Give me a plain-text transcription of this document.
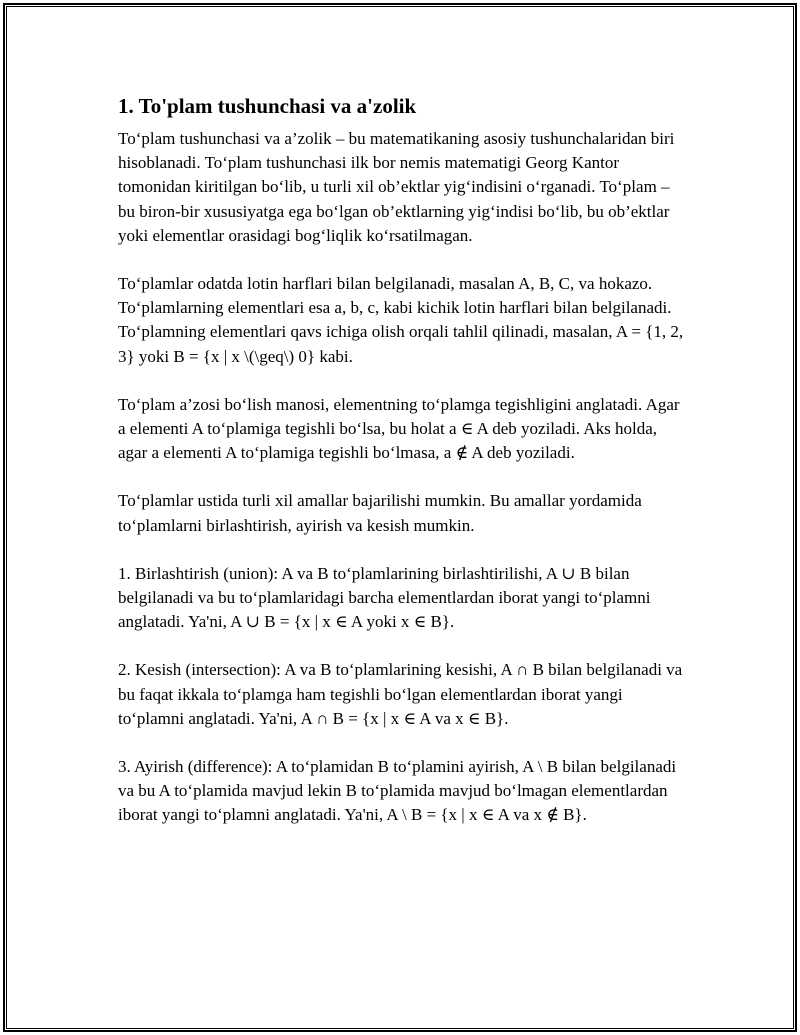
1. To'plam tushunchasi va a'zolik

To‘plam tushunchasi va a’zolik – bu matematikaning asosiy tushunchalaridan biri hisoblanadi. To‘plam tushunchasi ilk bor nemis matematigi Georg Kantor tomonidan kiritilgan bo‘lib, u turli xil ob’ektlar yig‘indisini o‘rganadi. To‘plam – bu biron-bir xususiyatga ega bo‘lgan ob’ektlarning yig‘indisi bo‘lib, bu ob’ektlar yoki elementlar orasidagi bog‘liqlik ko‘rsatilmagan.

To‘plamlar odatda lotin harflari bilan belgilanadi, masalan A, B, C, va hokazo. To‘plamlarning elementlari esa a, b, c, kabi kichik lotin harflari bilan belgilanadi. To‘plamning elementlari qavs ichiga olish orqali tahlil qilinadi, masalan, A = {1, 2, 3} yoki B = {x | x \(\geq\) 0} kabi.

To‘plam a’zosi bo‘lish manosi, elementning to‘plamga tegishligini anglatadi. Agar a elementi A to‘plamiga tegishli bo‘lsa, bu holat a ∈ A deb yoziladi. Aks holda, agar a elementi A to‘plamiga tegishli bo‘lmasa, a ∉ A deb yoziladi.

To‘plamlar ustida turli xil amallar bajarilishi mumkin. Bu amallar yordamida to‘plamlarni birlashtirish, ayirish va kesish mumkin.

1. Birlashtirish (union): A va B to‘plamlarining birlashtirilishi, A ∪ B bilan belgilanadi va bu to‘plamlaridagi barcha elementlardan iborat yangi to‘plamni anglatadi. Ya'ni, A ∪ B = {x | x ∈ A yoki x ∈ B}.

2. Kesish (intersection): A va B to‘plamlarining kesishi, A ∩ B bilan belgilanadi va bu faqat ikkala to‘plamga ham tegishli bo‘lgan elementlardan iborat yangi to‘plamni anglatadi. Ya'ni, A ∩ B = {x | x ∈ A va x ∈ B}.

3. Ayirish (difference): A to‘plamidan B to‘plamini ayirish, A \ B bilan belgilanadi va bu A to‘plamida mavjud lekin B to‘plamida mavjud bo‘lmagan elementlardan iborat yangi to‘plamni anglatadi. Ya'ni, A \ B = {x | x ∈ A va x ∉ B}.
